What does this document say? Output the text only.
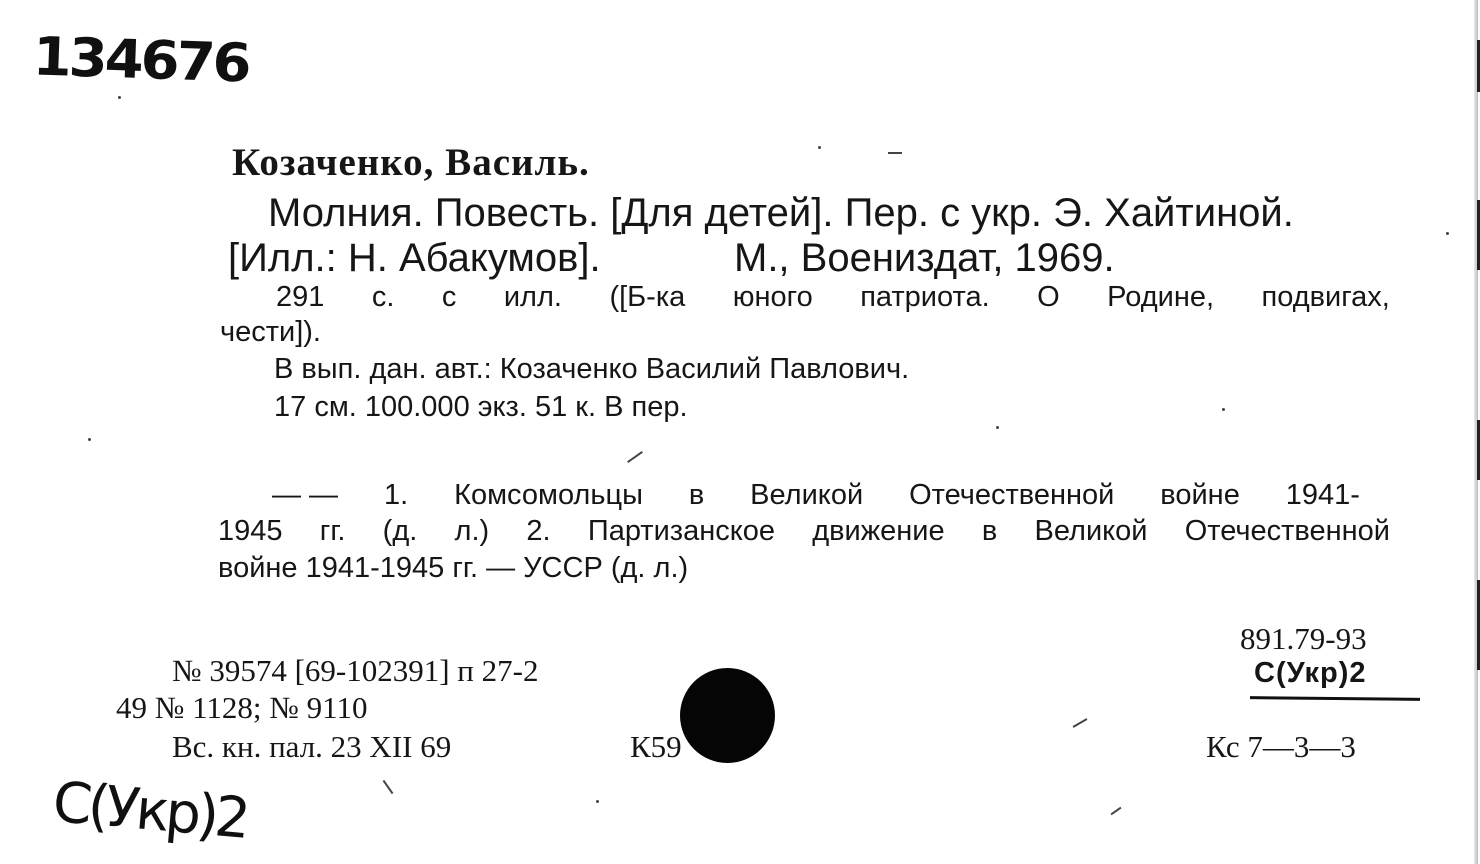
134676
Козаченко, Василь.
Молния. Повесть. [Для детей]. Пер. с укр. Э. Хайтиной.
[Илл.: Н. Абакумов].	М., Воениздат, 1969.
291 с. с илл. ([Б-ка юного патриота. О Родине, подвигах,
чести]).
В вып. дан. авт.: Козаченко Василий Павлович.
17 см. 100.000 экз. 51 к. В пер.
— — 1. Комсомольцы в Великой Отечественной войне 1941-
1945 гг. (д. л.) 2. Партизанское движение в Великой Отечественной
войне 1941-1945 гг. — УССР (д. л.)
№ 39574 [69-102391] п 27-2
49 № 1128; № 9110
Вс. кн. пал. 23 XII 69	К59
891.79-93
С(Укр)2
Кс 7—3—3
С(Укр)2
